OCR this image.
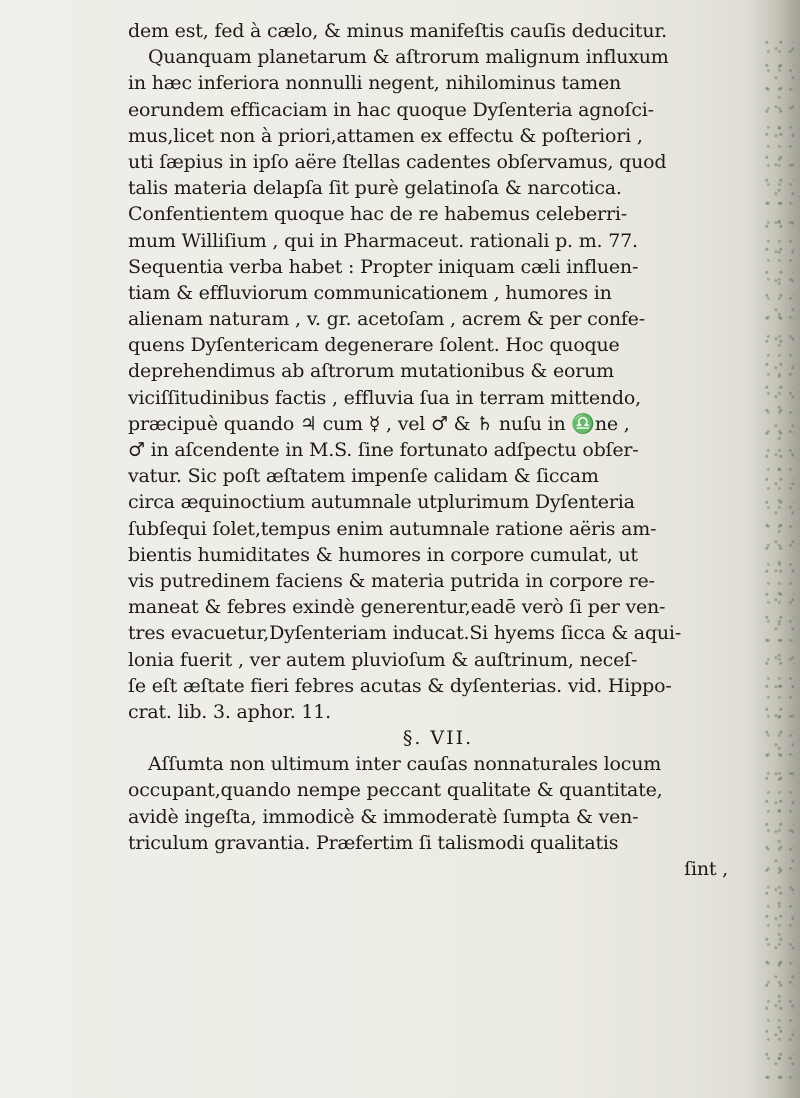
dem est, fed à cælo, & minus manifeſtis cauſis deducitur.
Quanquam planetarum & aſtrorum malignum influxum
in hæc inferiora nonnulli negent, nihilominus tamen
eorundem efficaciam in hac quoque Dyſenteria agnoſci-
mus,licet non à priori,attamen ex effectu & poſteriori ,
uti ſæpius in ipſo aëre ſtellas cadentes obſervamus, quod
talis materia delapſa ſit purè gelatinoſa & narcotica.
Confentientem quoque hac de re habemus celeberri-
mum Williſium , qui in Pharmaceut. rationali p. m. 77.
Sequentia verba habet : Propter iniquam cæli influen-
tiam & effluviorum communicationem , humores in
alienam naturam , v. gr. acetoſam , acrem & per confe-
quens Dyſentericam degenerare ſolent. Hoc quoque
deprehendimus ab aſtrorum mutationibus & eorum
viciſſitudinibus factis , effluvia ſua in terram mittendo,
præcipuè quando ♃ cum ☿ , vel ♂ & ♄ nuſu in ♎ne ,
♂ in aſcendente in M.S. ſine fortunato adſpectu obſer-
vatur. Sic poſt æſtatem impenſe calidam & ſiccam
circa æquinoctium autumnale utplurimum Dyſenteria
ſubſequi ſolet,tempus enim autumnale ratione aëris am-
bientis humiditates & humores in corpore cumulat, ut
vis putredinem faciens & materia putrida in corpore re-
maneat & febres exindè generentur,eadē verò ſi per ven-
tres evacuetur,Dyſenteriam inducat.Si hyems ſicca & aqui-
lonia fuerit , ver autem pluvioſum & auſtrinum, neceſ-
ſe eſt æſtate fieri febres acutas & dyſenterias. vid. Hippo-
crat. lib. 3. aphor. 11.
§. VII.
Aſſumta non ultimum inter cauſas nonnaturales locum
occupant,quando nempe peccant qualitate & quantitate,
avidè ingeſta, immodicè & immoderatè ſumpta & ven-
triculum gravantia. Præfertim ſi talismodi qualitatis
ſint ,
